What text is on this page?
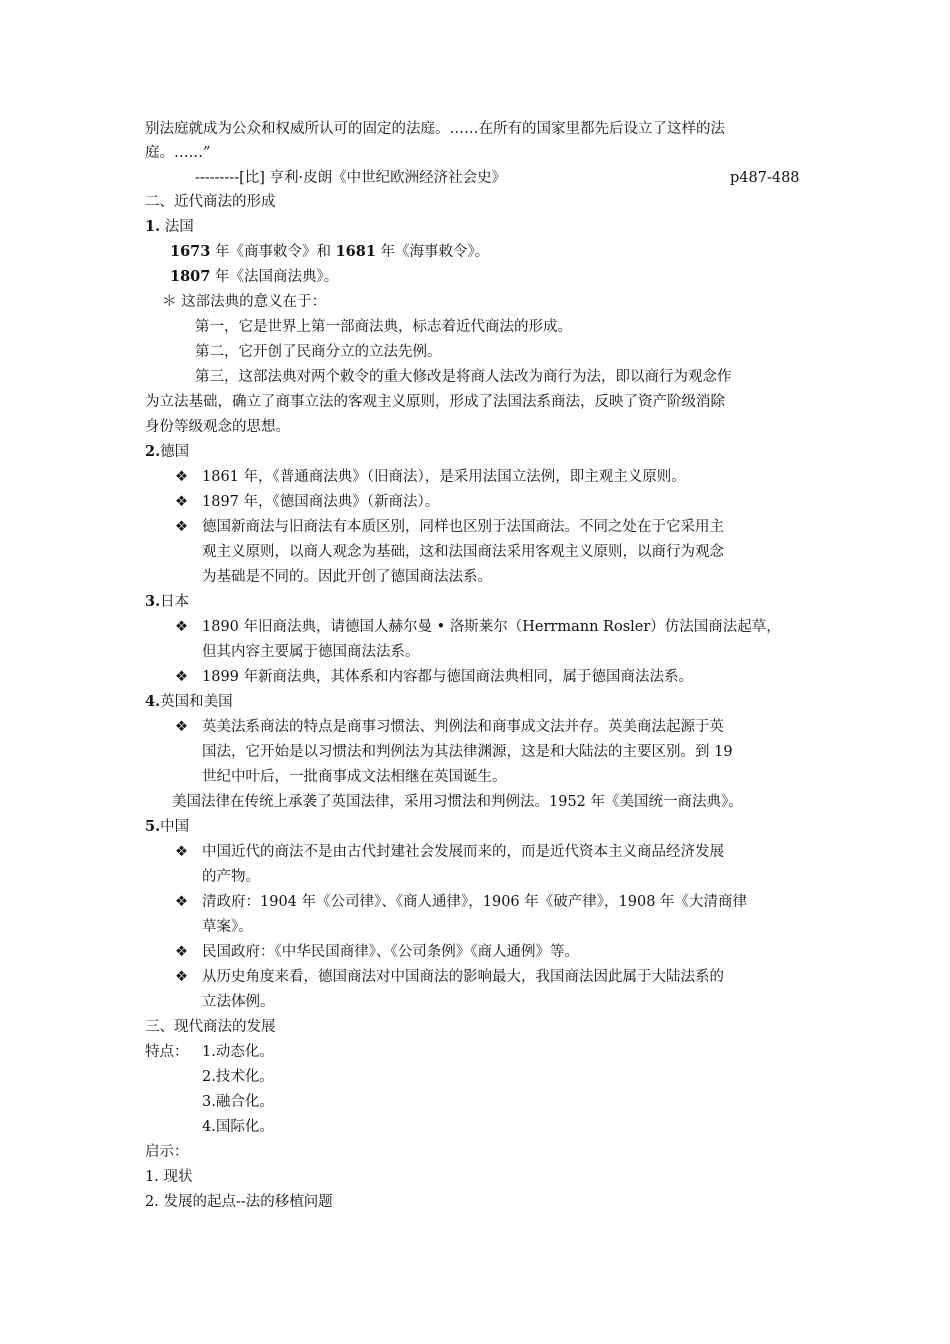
别法庭就成为公众和权威所认可的固定的法庭。……在所有的国家里都先后设立了这样的法
庭。……”
---------[比] 亨利·皮朗《中世纪欧洲经济社会史》	p487-488
二、近代商法的形成
1. 法国
1673 年《商事敕令》和 1681 年《海事敕令》。
1807 年《法国商法典》。
＊ 这部法典的意义在于：
第一，它是世界上第一部商法典，标志着近代商法的形成。
第二，它开创了民商分立的立法先例。
第三，这部法典对两个敕令的重大修改是将商人法改为商行为法，即以商行为观念作
为立法基础，确立了商事立法的客观主义原则，形成了法国法系商法，反映了资产阶级消除
身份等级观念的思想。
2.德国
❖ 1861 年，《普通商法典》（旧商法），是采用法国立法例，即主观主义原则。
❖ 1897 年，《德国商法典》（新商法）。
❖ 德国新商法与旧商法有本质区别，同样也区别于法国商法。不同之处在于它采用主
观主义原则，以商人观念为基础，这和法国商法采用客观主义原则，以商行为观念
为基础是不同的。因此开创了德国商法法系。
3.日本
❖ 1890 年旧商法典，请德国人赫尔曼 • 洛斯莱尔（Herrmann Rosler）仿法国商法起草，
但其内容主要属于德国商法法系。
❖ 1899 年新商法典，其体系和内容都与德国商法典相同，属于德国商法法系。
4.英国和美国
❖ 英美法系商法的特点是商事习惯法、判例法和商事成文法并存。英美商法起源于英
国法，它开始是以习惯法和判例法为其法律渊源，这是和大陆法的主要区别。到 19
世纪中叶后，一批商事成文法相继在英国诞生。
美国法律在传统上承袭了英国法律，采用习惯法和判例法。1952 年《美国统一商法典》。
5.中国
❖ 中国近代的商法不是由古代封建社会发展而来的，而是近代资本主义商品经济发展
的产物。
❖ 清政府：1904 年《公司律》、《商人通律》，1906 年《破产律》，1908 年《大清商律
草案》。
❖ 民国政府：《中华民国商律》、《公司条例》《商人通例》等。
❖ 从历史角度来看，德国商法对中国商法的影响最大，我国商法因此属于大陆法系的
立法体例。
三、现代商法的发展
特点： 1.动态化。
2.技术化。
3.融合化。
4.国际化。
启示：
1. 现状
2. 发展的起点--法的移植问题
